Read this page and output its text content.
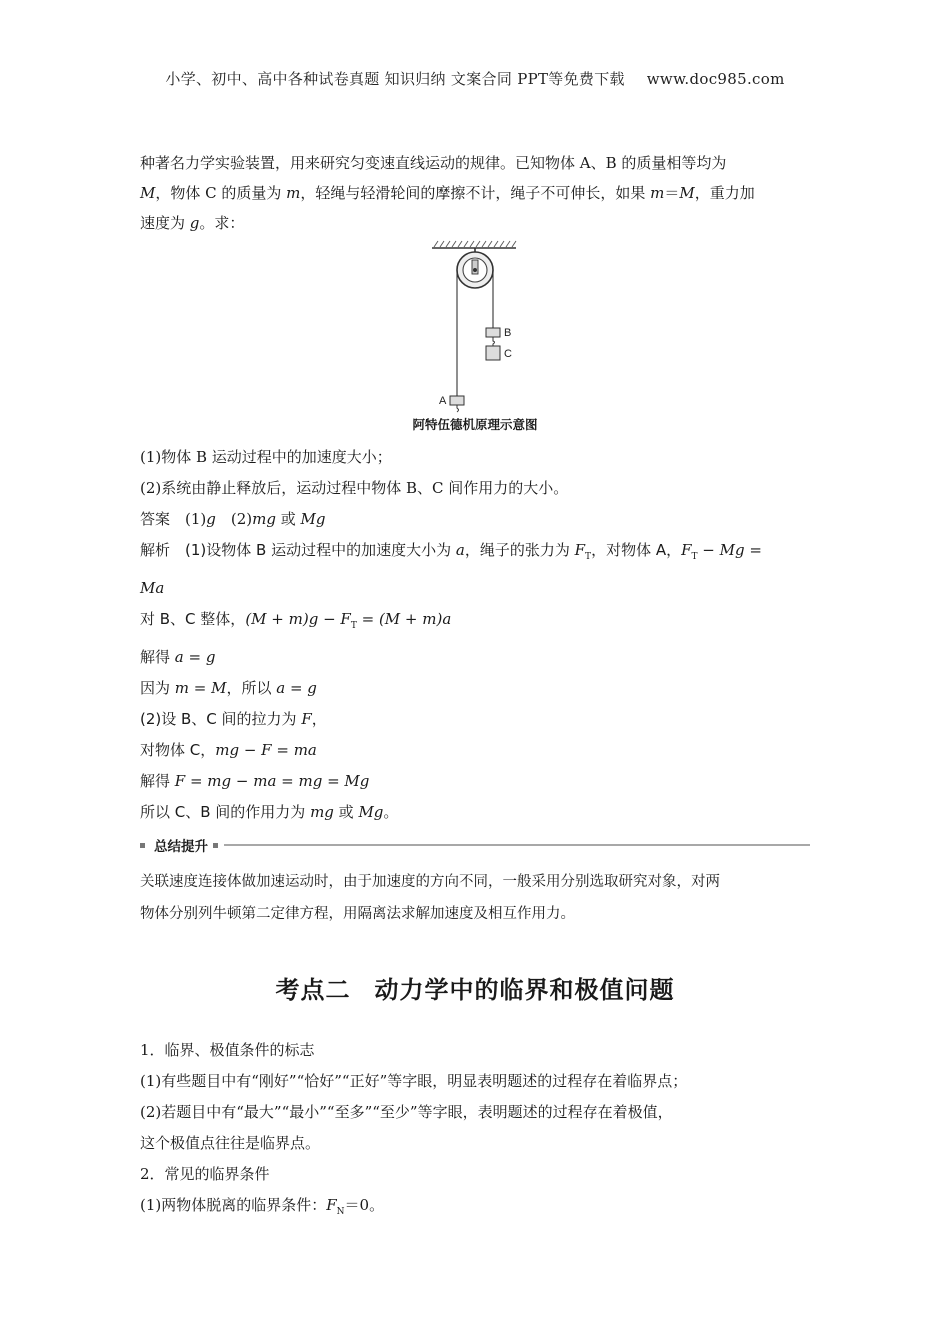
小学、初中、高中各种试卷真题 知识归纳 文案合同 PPT等免费下载 www.doc985.com

种著名力学实验装置，用来研究匀变速直线运动的规律。已知物体 A、B 的质量相等均为

M，物体 C 的质量为 m，轻绳与轻滑轮间的摩擦不计，绳子不可伸长，如果 m＝M，重力加

速度为 g。求：

B
C
A
阿特伍德机原理示意图

(1)物体 B 运动过程中的加速度大小；

(2)系统由静止释放后，运动过程中物体 B、C 间作用力的大小。

答案　 (1)g　 (2)mg 或 Mg

解析　 (1)设物体 B 运动过程中的加速度大小为 a，绳子的张力为 $F_T$，对物体 A，$F_T - Mg$ =

Ma

对 B、C 整体，$(M + m)g - F_T = (M + m)a$

解得 a = g

因为 m = M，所以 a = g

(2)设 B、C 间的拉力为 F，

对物体 C，mg − F = ma

解得 F = mg − ma = mg = Mg

所以 C、B 间的作用力为 mg 或 Mg。

总结提升
关联速度连接体做加速运动时，由于加速度的方向不同，一般采用分别选取研究对象，对两
物体分别列牛顿第二定律方程，用隔离法求解加速度及相互作用力。
考点二 动力学中的临界和极值问题

1．临界、极值条件的标志

(1)有些题目中有“刚好”“恰好”“正好”等字眼，明显表明题述的过程存在着临界点；

(2)若题目中有“最大”“最小”“至多”“至少”等字眼，表明题述的过程存在着极值，

这个极值点往往是临界点。

2．常见的临界条件

(1)两物体脱离的临界条件：$F_N=0$。
